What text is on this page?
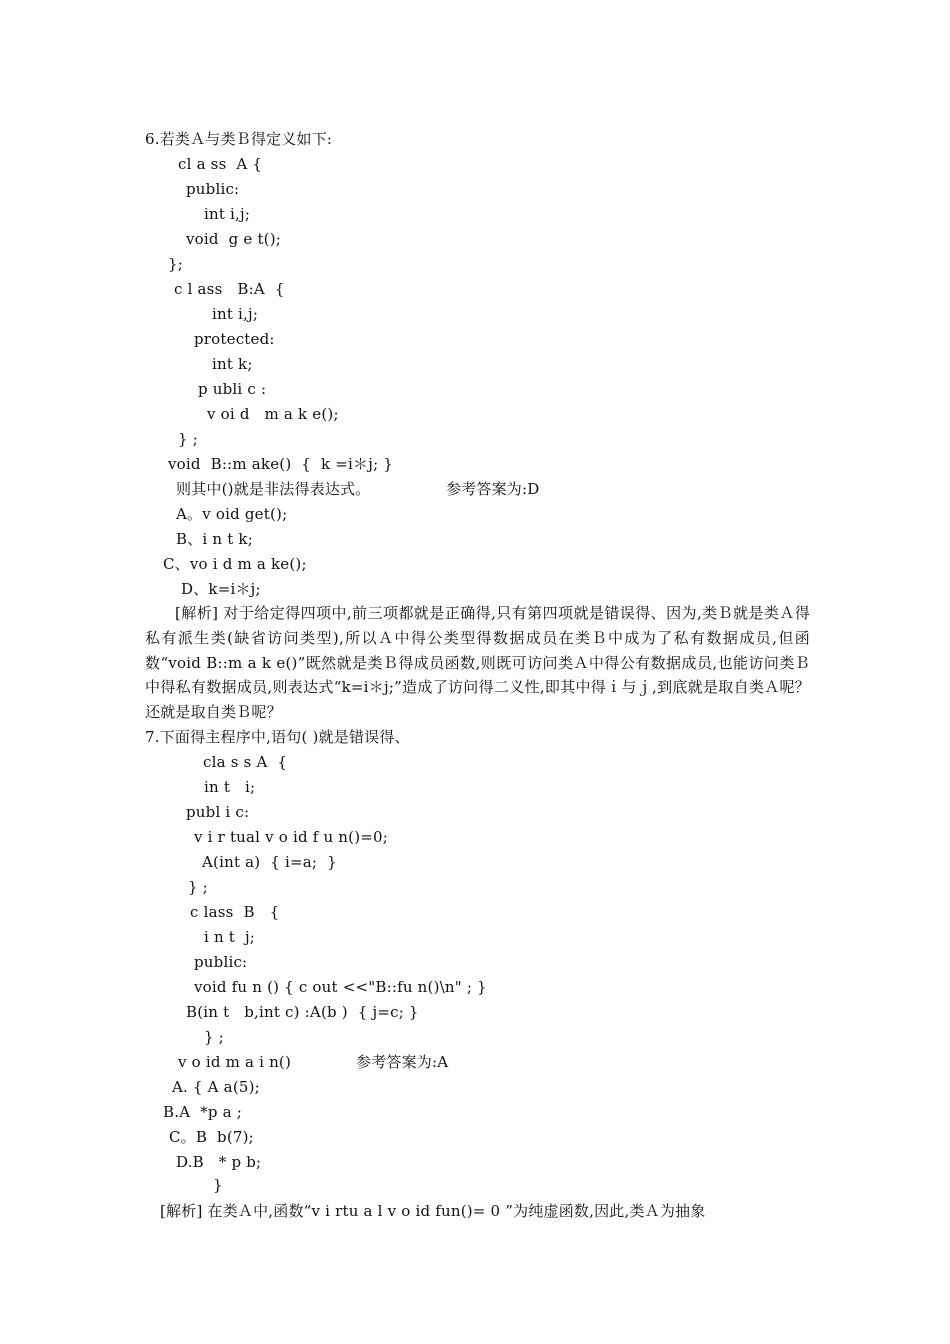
6.若类Ａ与类Ｂ得定义如下:
cl a ss  A {
public:
int i,j;
void  g e t();
};
c l ass   B:A  {
int i,j;
protected:
int k;
p ubli c :
v oi d   m a k e();
} ;
void  B::m ake()  {  k =i＊j; }
则其中()就是非法得表达式。	参考答案为:D
A。v oid get();
B、i n t k;
C、vo i d m a ke();
D、k=i＊j;
[解析] 对于给定得四项中,前三项都就是正确得,只有第四项就是错误得、因为,类Ｂ就是类Ａ得私有派生类(缺省访问类型),所以Ａ中得公类型得数据成员在类Ｂ中成为了私有数据成员,但函数“void B::m a k e()”既然就是类Ｂ得成员函数,则既可访问类Ａ中得公有数据成员,也能访问类Ｂ中得私有数据成员,则表达式“k=i＊j;”造成了访问得二义性,即其中得ｉ与ｊ,到底就是取自类Ａ呢？还就是取自类Ｂ呢？
7.下面得主程序中,语句( )就是错误得、
cla s s A  {
in t   i;
publ i c:
v i r tual v o id f u n()=0;
A(int a)  { i=a;  }
} ;
c lass  B   {
i n t  j;
public:
void fu n () { c out <<"B::fu n()\n" ; }
B(in t   b,int c) :A(b )  { j=c; }
} ;
v o id m a i n()	参考答案为:A
A. { A a(5);
B.A  *p a ;
C。B  b(7);
D.B   * p b;
}
[解析] 在类Ａ中,函数“v i rtu a l v o id fun()= 0 ”为纯虚函数,因此,类Ａ为抽象
